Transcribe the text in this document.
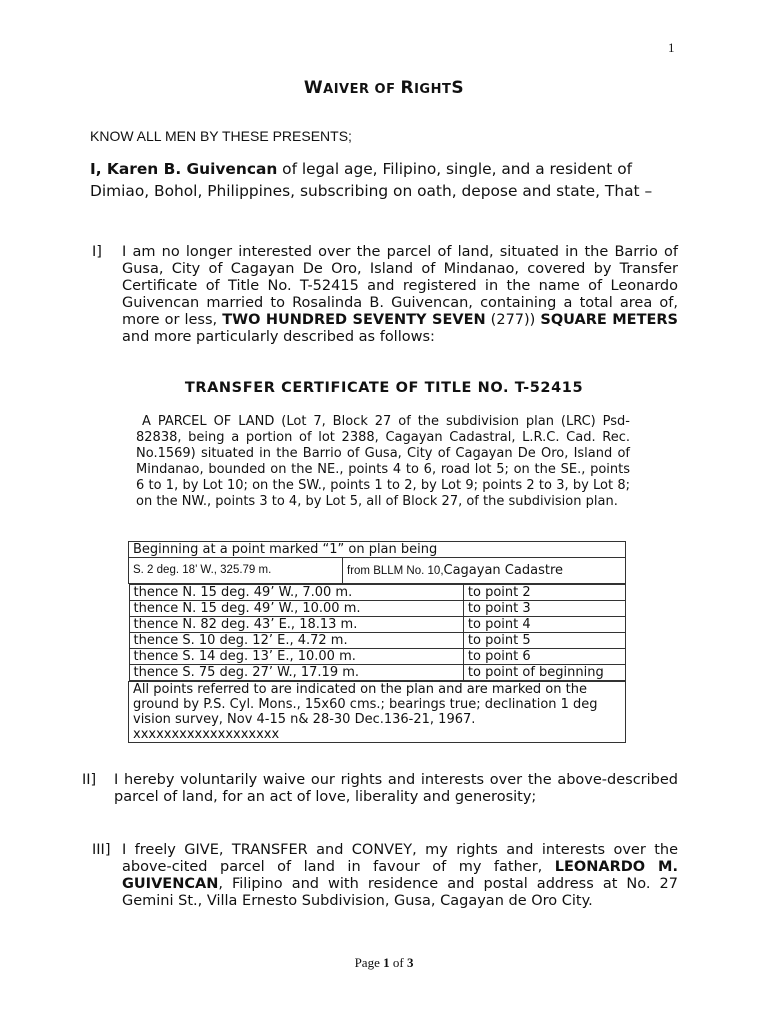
1
WAIVER OF RIGHTS
KNOW ALL MEN BY THESE PRESENTS;
I, Karen B. Guivencan of legal age, Filipino, single, and a resident of Dimiao, Bohol, Philippines, subscribing on oath, depose and state, That –
I] I am no longer interested over the parcel of land, situated in the Barrio of Gusa, City of Cagayan De Oro, Island of Mindanao, covered by Transfer Certificate of Title No. T-52415 and registered in the name of Leonardo Guivencan married to Rosalinda B. Guivencan, containing a total area of, more or less, TWO HUNDRED SEVENTY SEVEN (277)) SQUARE METERS and more particularly described as follows:
TRANSFER CERTIFICATE OF TITLE NO. T-52415
A PARCEL OF LAND (Lot 7, Block 27 of the subdivision plan (LRC) Psd-82838, being a portion of lot 2388, Cagayan Cadastral, L.R.C. Cad. Rec. No.1569) situated in the Barrio of Gusa, City of Cagayan De Oro, Island of Mindanao, bounded on the NE., points 4 to 6, road lot 5; on the SE., points 6 to 1, by Lot 10; on the SW., points 1 to 2, by Lot 9; points 2 to 3, by Lot 8; on the NW., points 3 to 4, by Lot 5, all of Block 27, of the subdivision plan.
Beginning at a point marked “1” on plan being
S. 2 deg. 18’ W., 325.79 m.	from BLLM No. 10,Cagayan Cadastre

thence N. 15 deg. 49’ W., 7.00 m.	to point 2
thence N. 15 deg. 49’ W., 10.00 m.	to point 3
thence N. 82 deg. 43’ E., 18.13 m.	to point 4
thence S. 10 deg. 12’ E., 4.72 m.	to point 5
thence S. 14 deg. 13’ E., 10.00 m.	to point 6
thence S. 75 deg. 27’ W., 17.19 m.	to point of beginning

All points referred to are indicated on the plan and are marked on the ground by P.S. Cyl. Mons., 15x60 cms.; bearings true; declination 1 deg vision survey, Nov 4-15 n& 28-30 Dec.136-21, 1967. xxxxxxxxxxxxxxxxxxx
II] I hereby voluntarily waive our rights and interests over the above-described parcel of land, for an act of love, liberality and generosity;
III] I freely GIVE, TRANSFER and CONVEY, my rights and interests over the above-cited parcel of land in favour of my father, LEONARDO M. GUIVENCAN, Filipino and with residence and postal address at No. 27 Gemini St., Villa Ernesto Subdivision, Gusa, Cagayan de Oro City.
Page 1 of 3
